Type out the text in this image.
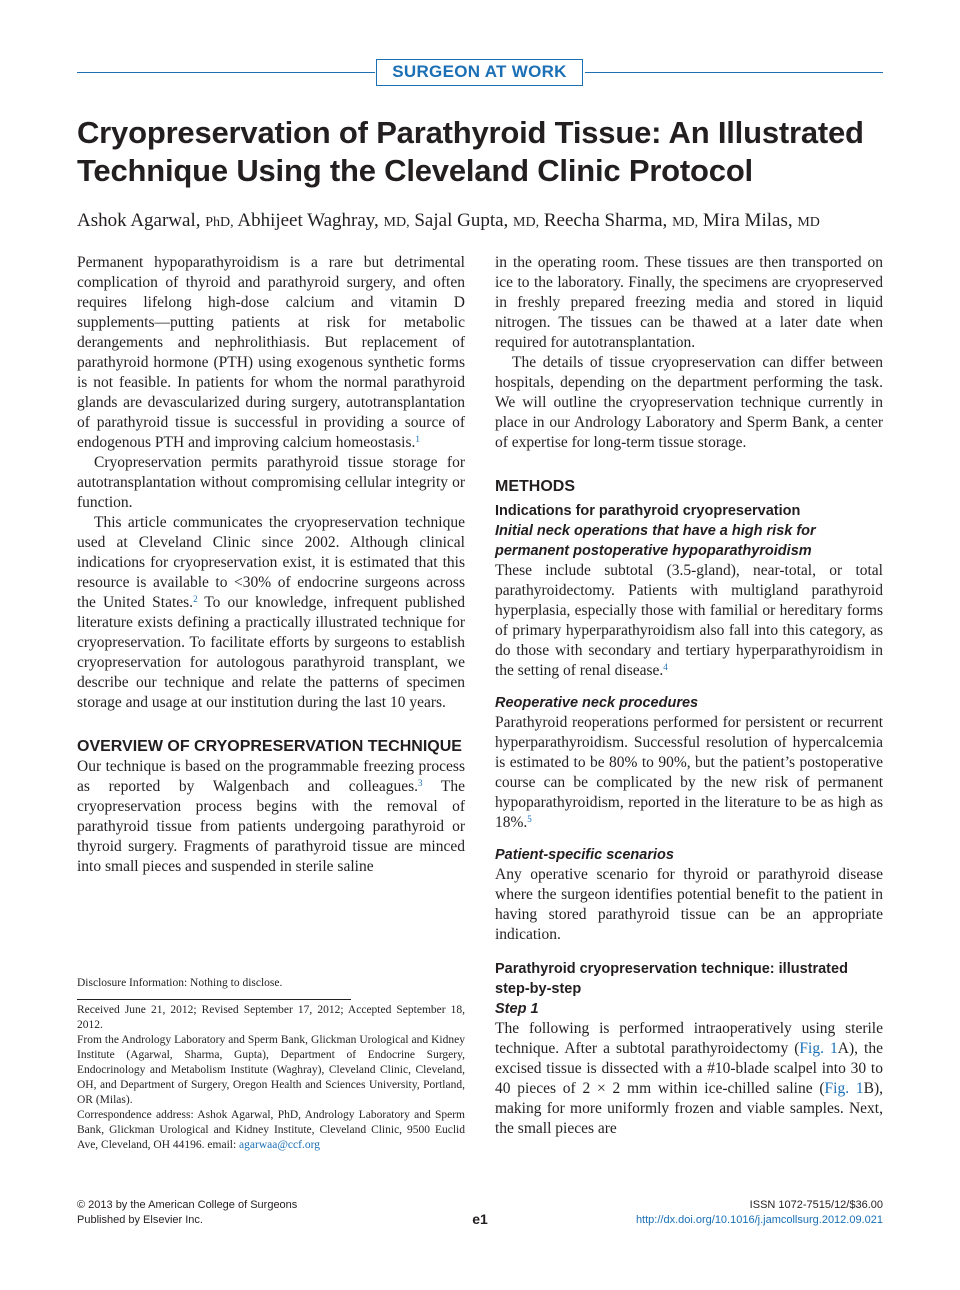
SURGEON AT WORK
Cryopreservation of Parathyroid Tissue: An Illustrated Technique Using the Cleveland Clinic Protocol
Ashok Agarwal, PhD, Abhijeet Waghray, MD, Sajal Gupta, MD, Reecha Sharma, MD, Mira Milas, MD

Permanent hypoparathyroidism is a rare but detrimental complication of thyroid and parathyroid surgery, and often requires lifelong high-dose calcium and vitamin D supplements—putting patients at risk for metabolic derangements and nephrolithiasis. But replacement of parathyroid hormone (PTH) using exogenous synthetic forms is not feasible. In patients for whom the normal parathyroid glands are devascularized during surgery, autotransplantation of parathyroid tissue is successful in providing a source of endogenous PTH and improving calcium homeostasis.$^1$

Cryopreservation permits parathyroid tissue storage for autotransplantation without compromising cellular integrity or function.

This article communicates the cryopreservation technique used at Cleveland Clinic since 2002. Although clinical indications for cryopreservation exist, it is estimated that this resource is available to <30% of endocrine surgeons across the United States.$^2$ To our knowledge, infrequent published literature exists defining a practically illustrated technique for cryopreservation. To facilitate efforts by surgeons to establish cryopreservation for autologous parathyroid transplant, we describe our technique and relate the patterns of specimen storage and usage at our institution during the last 10 years.

OVERVIEW OF CRYOPRESERVATION TECHNIQUE

Our technique is based on the programmable freezing process as reported by Walgenbach and colleagues.$^3$ The cryopreservation process begins with the removal of parathyroid tissue from patients undergoing parathyroid or thyroid surgery. Fragments of parathyroid tissue are minced into small pieces and suspended in sterile saline

Disclosure Information: Nothing to disclose.

Received June 21, 2012; Revised September 17, 2012; Accepted September 18, 2012.

From the Andrology Laboratory and Sperm Bank, Glickman Urological and Kidney Institute (Agarwal, Sharma, Gupta), Department of Endocrine Surgery, Endocrinology and Metabolism Institute (Waghray), Cleveland Clinic, Cleveland, OH, and Department of Surgery, Oregon Health and Sciences University, Portland, OR (Milas).

Correspondence address: Ashok Agarwal, PhD, Andrology Laboratory and Sperm Bank, Glickman Urological and Kidney Institute, Cleveland Clinic, 9500 Euclid Ave, Cleveland, OH 44196. email: agarwaa@ccf.org

in the operating room. These tissues are then transported on ice to the laboratory. Finally, the specimens are cryopreserved in freshly prepared freezing media and stored in liquid nitrogen. The tissues can be thawed at a later date when required for autotransplantation.

The details of tissue cryopreservation can differ between hospitals, depending on the department performing the task. We will outline the cryopreservation technique currently in place in our Andrology Laboratory and Sperm Bank, a center of expertise for long-term tissue storage.

METHODS
Indications for parathyroid cryopreservation
Initial neck operations that have a high risk for permanent postoperative hypoparathyroidism

These include subtotal (3.5-gland), near-total, or total parathyroidectomy. Patients with multigland parathyroid hyperplasia, especially those with familial or hereditary forms of primary hyperparathyroidism also fall into this category, as do those with secondary and tertiary hyperparathyroidism in the setting of renal disease.$^4$

Reoperative neck procedures

Parathyroid reoperations performed for persistent or recurrent hyperparathyroidism. Successful resolution of hypercalcemia is estimated to be 80% to 90%, but the patient’s postoperative course can be complicated by the new risk of permanent hypoparathyroidism, reported in the literature to be as high as 18%.$^5$

Patient-specific scenarios

Any operative scenario for thyroid or parathyroid disease where the surgeon identifies potential benefit to the patient in having stored parathyroid tissue can be an appropriate indication.

Parathyroid cryopreservation technique: illustrated step-by-step
Step 1

The following is performed intraoperatively using sterile technique. After a subtotal parathyroidectomy (Fig. 1A), the excised tissue is dissected with a #10-blade scalpel into 30 to 40 pieces of 2 × 2 mm within ice-chilled saline (Fig. 1B), making for more uniformly frozen and viable samples. Next, the small pieces are

© 2013 by the American College of Surgeons
Published by Elsevier Inc.	e1
ISSN 1072-7515/12/$36.00
http://dx.doi.org/10.1016/j.jamcollsurg.2012.09.021
